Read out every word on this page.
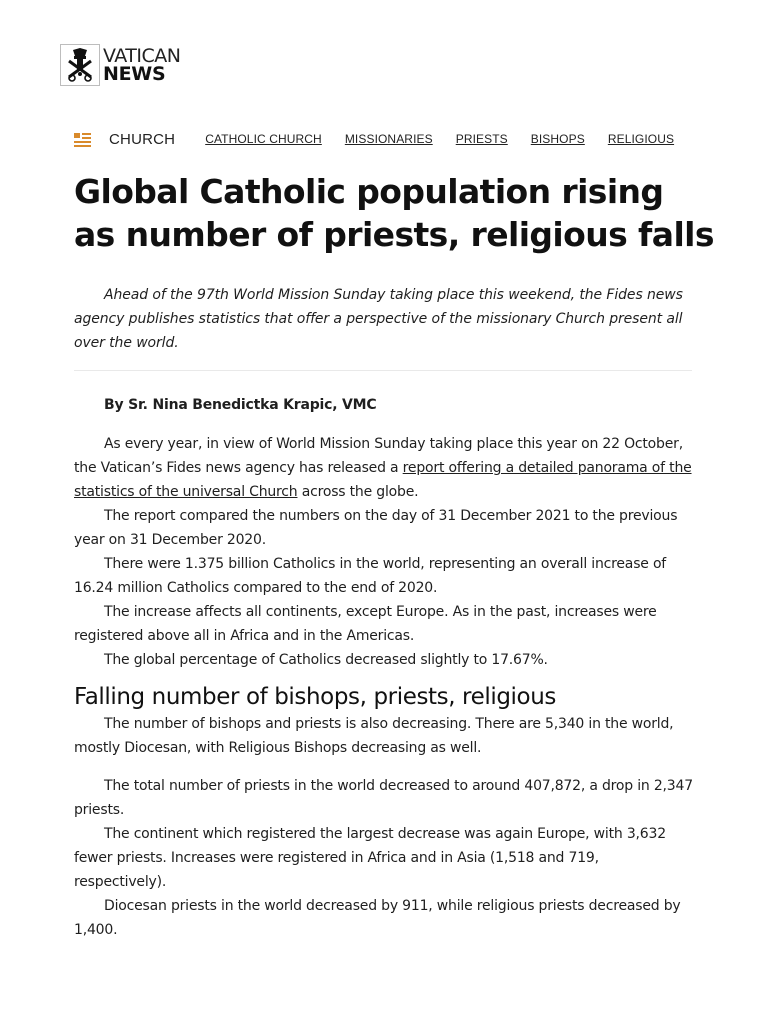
VATICAN
NEWS
CHURCH	CATHOLIC CHURCH MISSIONARIES PRIESTS BISHOPS RELIGIOUS
Global Catholic population rising as number of priests, religious falls

Ahead of the 97th World Mission Sunday taking place this weekend, the Fides news agency publishes statistics that offer a perspective of the missionary Church present all over the world.

By Sr. Nina Benedictka Krapic, VMC

As every year, in view of World Mission Sunday taking place this year on 22 October, the Vatican’s Fides news agency has released a report offering a detailed panorama of the statistics of the universal Church across the globe.

The report compared the numbers on the day of 31 December 2021 to the previous year on 31 December 2020.

There were 1.375 billion Catholics in the world, representing an overall increase of 16.24 million Catholics compared to the end of 2020.

The increase affects all continents, except Europe. As in the past, increases were registered above all in Africa and in the Americas.

The global percentage of Catholics decreased slightly to 17.67%.

Falling number of bishops, priests, religious

The number of bishops and priests is also decreasing. There are 5,340 in the world, mostly Diocesan, with Religious Bishops decreasing as well.

The total number of priests in the world decreased to around 407,872, a drop in 2,347 priests.

The continent which registered the largest decrease was again Europe, with 3,632 fewer priests. Increases were registered in Africa and in Asia (1,518 and 719, respectively).

Diocesan priests in the world decreased by 911, while religious priests decreased by 1,400.
